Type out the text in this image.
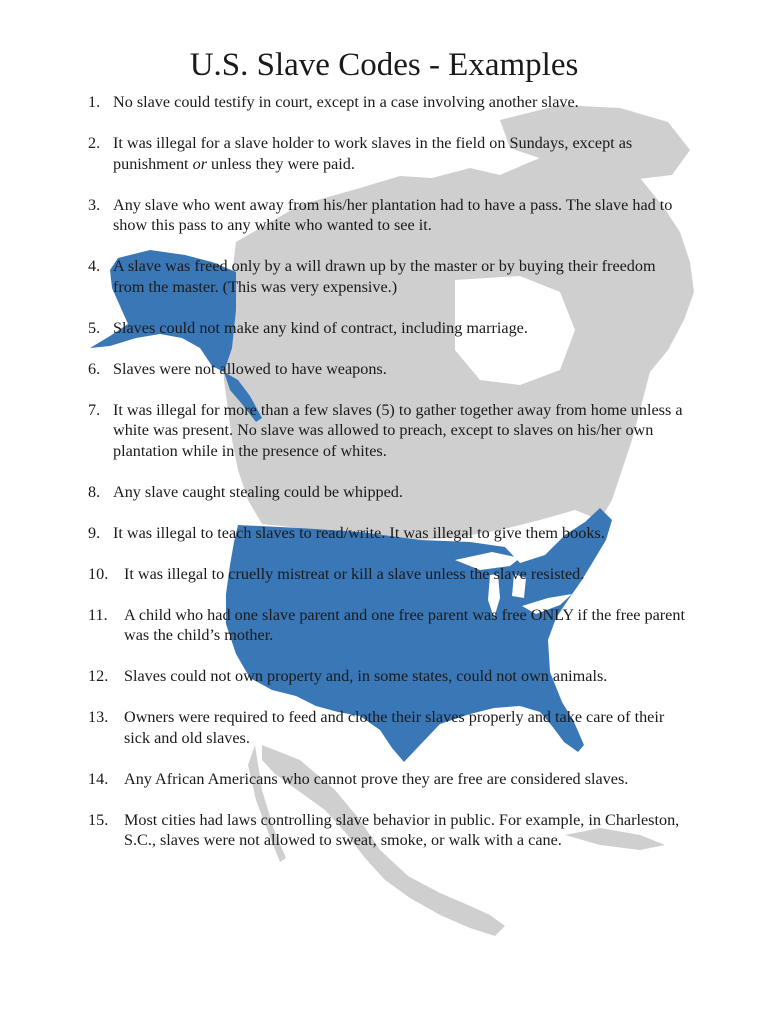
U.S. Slave Codes - Examples
1. No slave could testify in court, except in a case involving another slave.
2. It was illegal for a slave holder to work slaves in the field on Sundays, except as punishment or unless they were paid.
3. Any slave who went away from his/her plantation had to have a pass. The slave had to show this pass to any white who wanted to see it.
4. A slave was freed only by a will drawn up by the master or by buying their freedom from the master. (This was very expensive.)
5. Slaves could not make any kind of contract, including marriage.
6. Slaves were not allowed to have weapons.
7. It was illegal for more than a few slaves (5) to gather together away from home unless a white was present. No slave was allowed to preach, except to slaves on his/her own plantation while in the presence of whites.
8. Any slave caught stealing could be whipped.
9. It was illegal to teach slaves to read/write. It was illegal to give them books.
10. It was illegal to cruelly mistreat or kill a slave unless the slave resisted.
11.	A child who had one slave parent and one free parent was free ONLY if the free parent was the child’s mother.
12. Slaves could not own property and, in some states, could not own animals.
13. Owners were required to feed and clothe their slaves properly and take care of their sick and old slaves.
14. Any African Americans who cannot prove they are free are considered slaves.
15. Most cities had laws controlling slave behavior in public. For example, in Charleston, S.C., slaves were not allowed to sweat, smoke, or walk with a cane.
